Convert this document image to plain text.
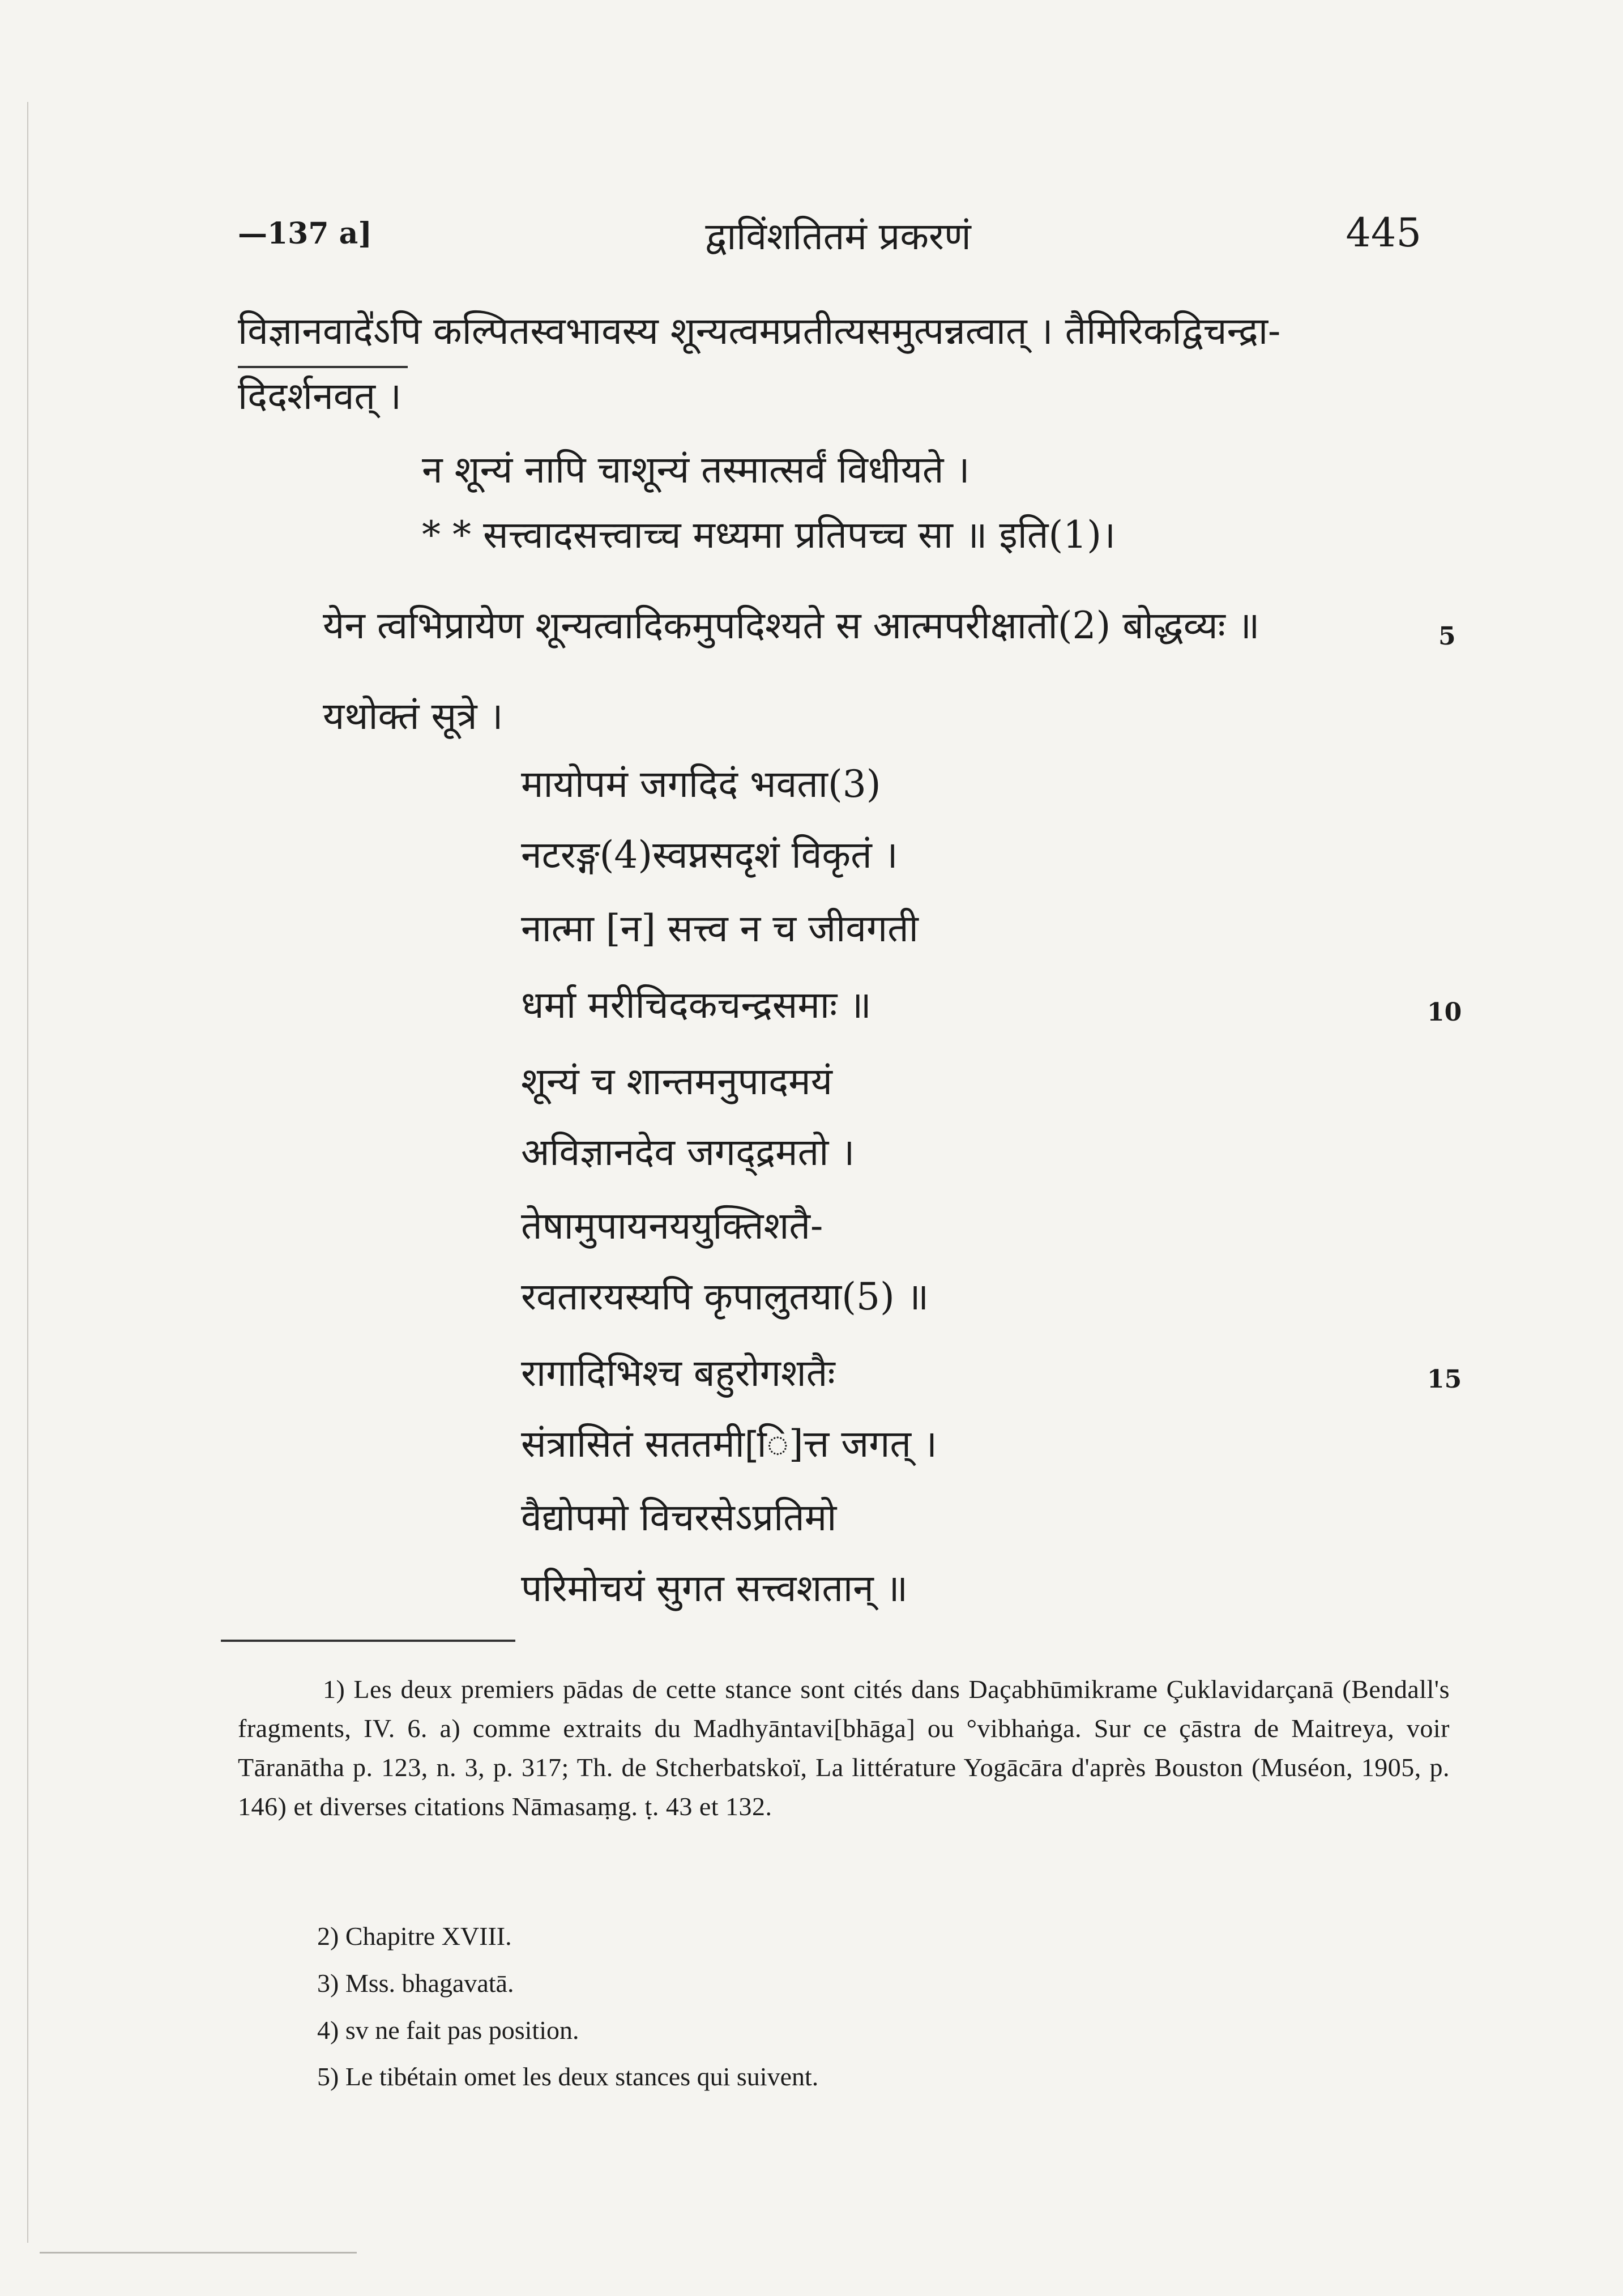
—137 a]	द्वाविंशतितमं प्रकरणं	445
विज्ञानवादे॑ऽपि कल्पितस्वभावस्य शून्यत्वमप्रतीत्यसमुत्पन्नत्वात् । तैमिरिकद्विचन्द्रा-
दिदर्शनवत् ।
न शून्यं नापि चाशून्यं तस्मात्सर्वं विधीयते ।
* * सत्त्वादसत्त्वाच्च मध्यमा प्रतिपच्च सा ॥ इति(1)।
येन त्वभिप्रायेण शून्यत्वादिकमुपदिश्यते स आत्मपरीक्षातो(2) बोद्धव्यः ॥
यथोक्तं सूत्रे ।
मायोपमं जगदिदं भवता(3)
नटरङ्ग(4)स्वप्नसदृशं विकृतं ।
नात्मा [न] सत्त्व न च जीवगती
धर्मा मरीचिदकचन्द्रसमाः ॥
शून्यं च शान्तमनुपादमयं
अविज्ञानदेव जगद्द्रमतो ।
तेषामुपायनययुक्तिशतै-
रवतारयस्यपि कृपालुतया(5) ॥
रागादिभिश्च बहुरोगशतैः
संत्रासितं सततमी[ि]त्त जगत् ।
वैद्योपमो विचरसेऽप्रतिमो
परिमोचयं सुगत सत्त्वशतान् ॥
5
10
15
1) Les deux premiers pādas de cette stance sont cités dans Daçabhūmikrame Çuklavidarçanā (Bendall's fragments, IV. 6. a) comme extraits du Madhyāntavi[bhāga] ou °vibhaṅga. Sur ce çāstra de Maitreya, voir Tāranātha p. 123, n. 3, p. 317; Th. de Stcherbatskoï, La littérature Yogācāra d'après Bouston (Muséon, 1905, p. 146) et diverses citations Nāmasaṃg. ṭ. 43 et 132.
2) Chapitre XVIII.
3) Mss. bhagavatā.
4) sv ne fait pas position.
5) Le tibétain omet les deux stances qui suivent.
